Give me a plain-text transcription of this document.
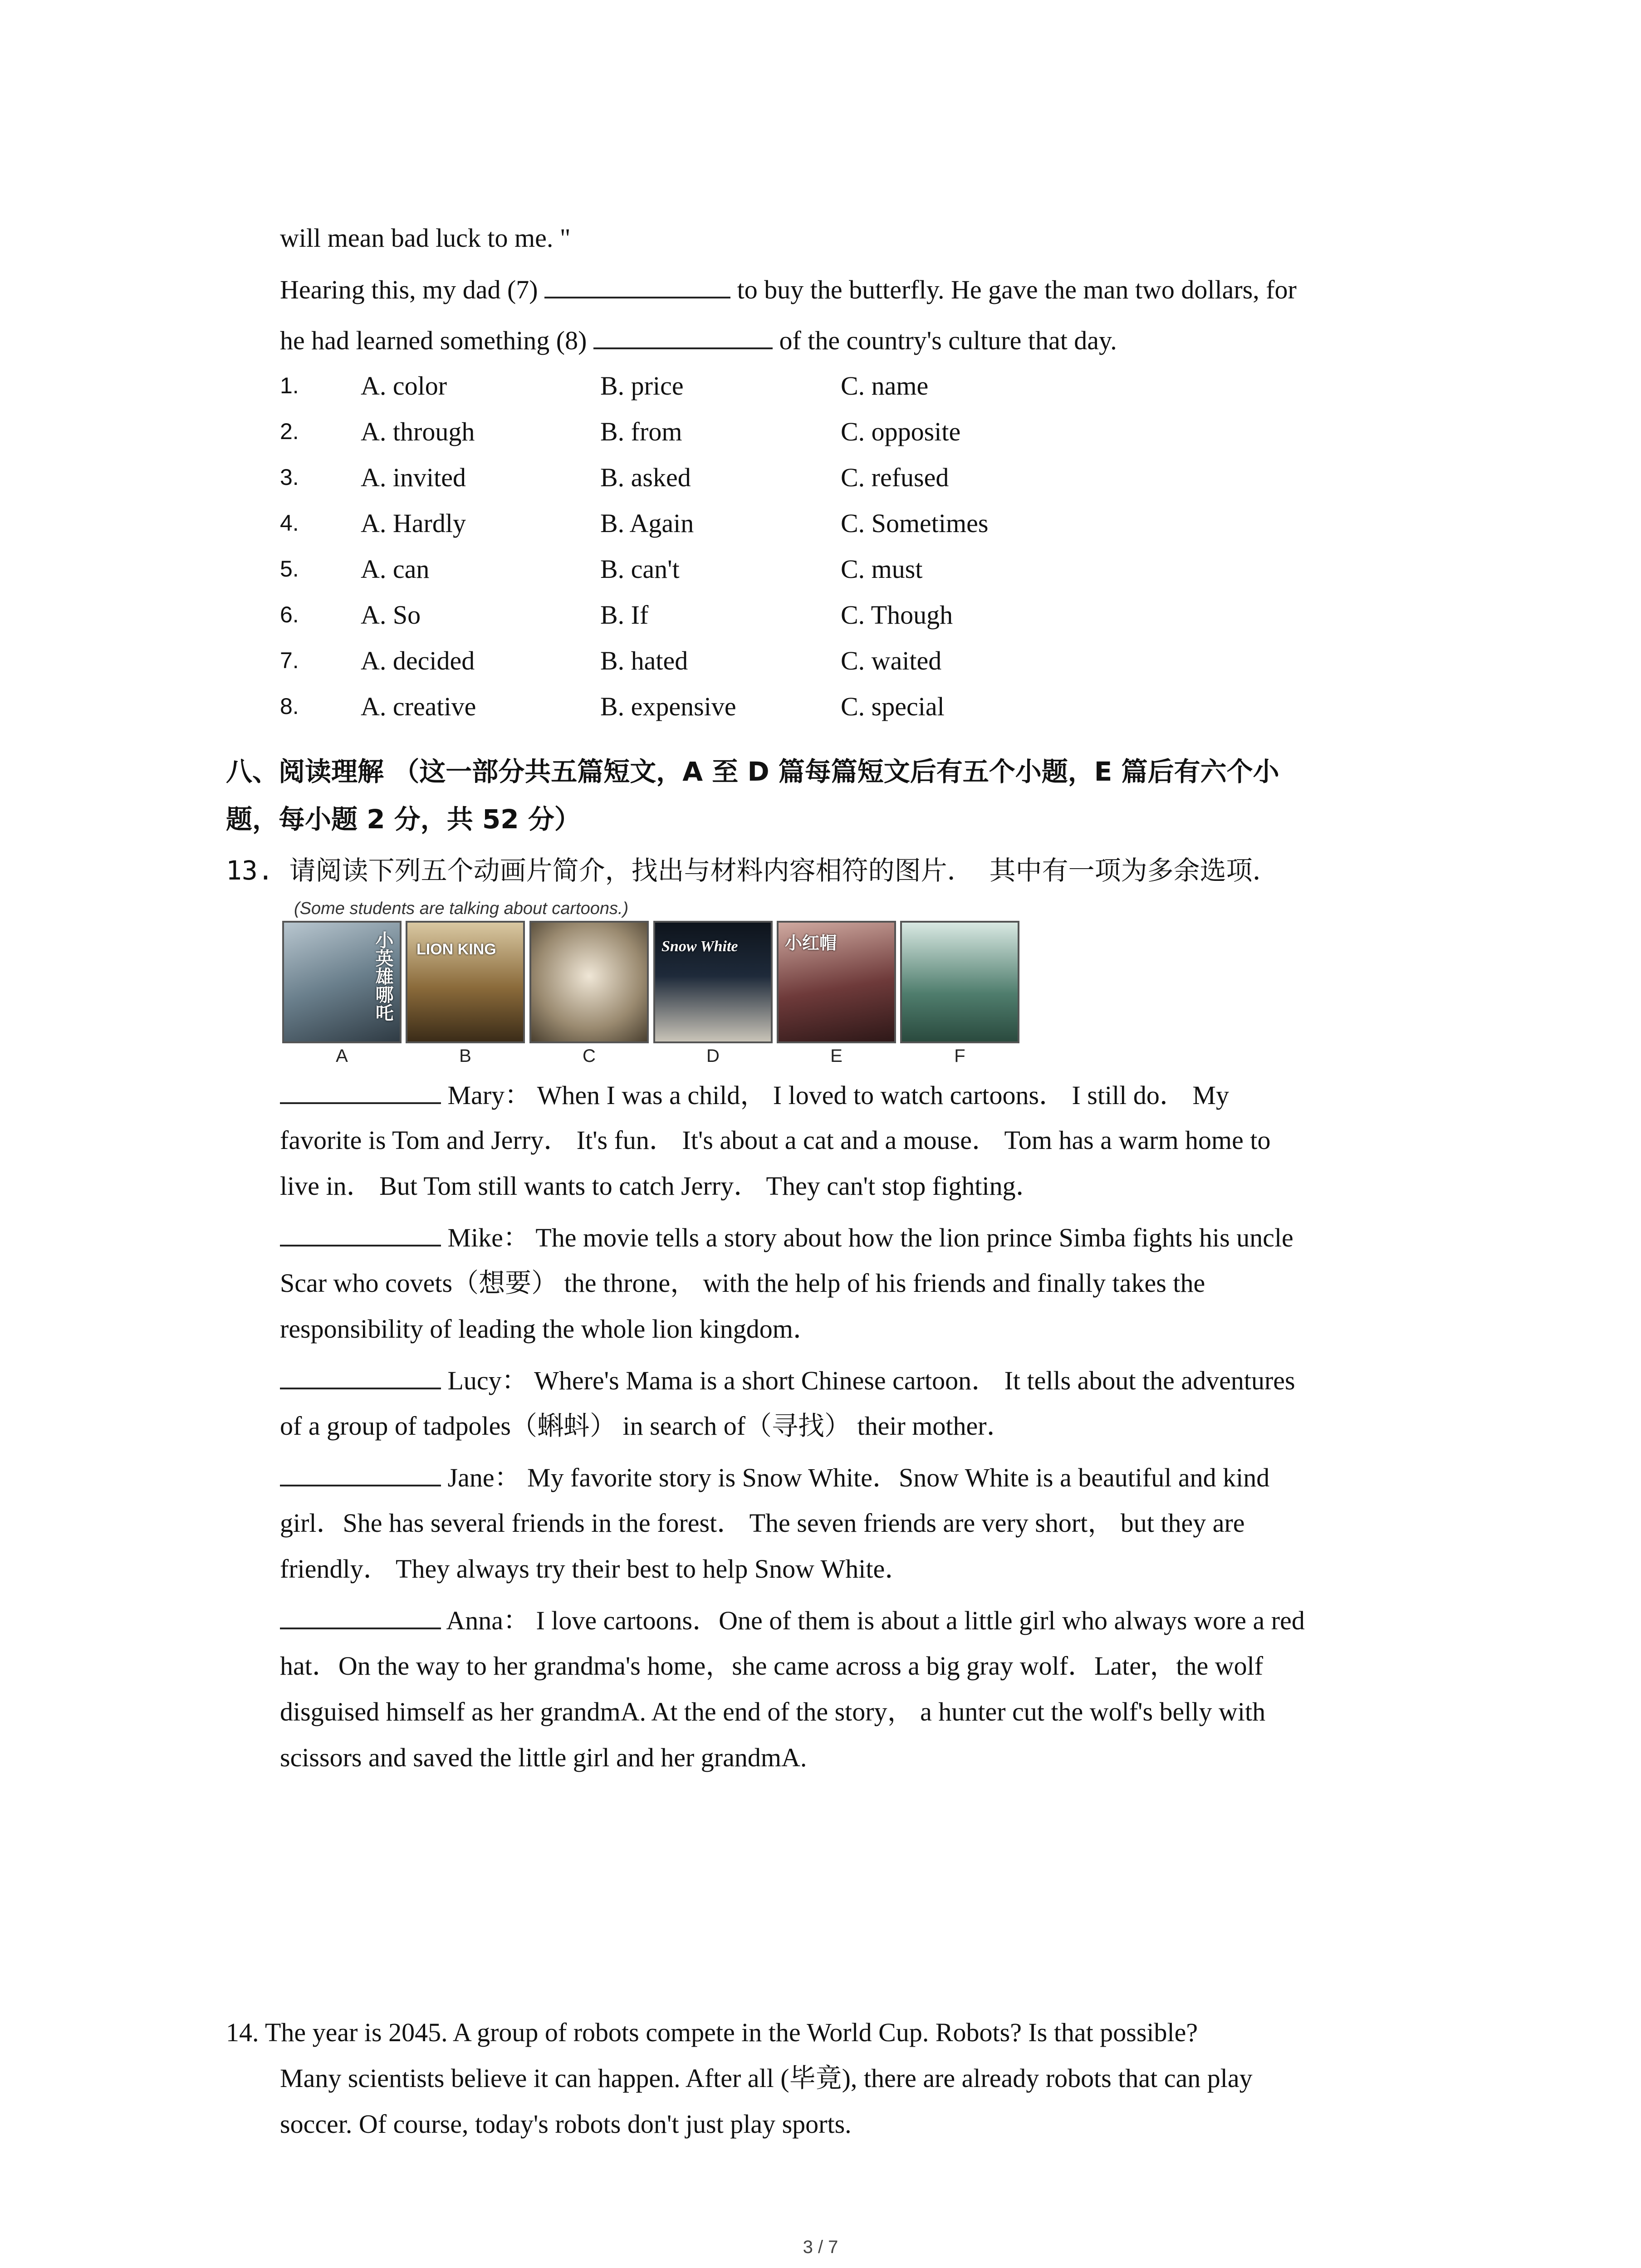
will mean bad luck to me. "
Hearing this, my dad (7)	to buy the butterfly. He gave the man two dollars, for
he had learned something (8)	of the country's culture that day.
1. A. color	B. price	C. name
2. A. through	B. from	C. opposite
3. A. invited	B. asked	C. refused
4. A. Hardly	B. Again	C. Sometimes
5. A. can	B. can't	C. must
6. A. So	B. If	C. Though
7. A. decided	B. hated	C. waited
8. A. creative	B. expensive	C. special
八、阅读理解 （这一部分共五篇短文，A 至 D 篇每篇短文后有五个小题，E 篇后有六个小
题，每小题 2 分，共 52 分）
13. 请阅读下列五个动画片简介，找出与材料内容相符的图片． 其中有一项为多余选项．
(Some students are talking about cartoons.)
小英雄哪吒 LION KING	Snow White	小红帽
A	B	C	D	E	F
Mary： When I was a child， I loved to watch cartoons． I still do． My
favorite is Tom and Jerry． It's fun． It's about a cat and a mouse． Tom has a warm home to
live in． But Tom still wants to catch Jerry． They can't stop fighting．
Mike： The movie tells a story about how the lion prince Simba fights his uncle
Scar who covets（想要） the throne， with the help of his friends and finally takes the
responsibility of leading the whole lion kingdom．
Lucy： Where's Mama is a short Chinese cartoon． It tells about the adventures
of a group of tadpoles（蝌蚪） in search of（寻找） their mother．
Jane： My favorite story is Snow White．Snow White is a beautiful and kind
girl．She has several friends in the forest． The seven friends are very short， but they are
friendly． They always try their best to help Snow White．
Anna： I love cartoons．One of them is about a little girl who always wore a red
hat．On the way to her grandma's home，she came across a big gray wolf．Later，the wolf
disguised himself as her grandmA. At the end of the story， a hunter cut the wolf's belly with
scissors and saved the little girl and her grandmA.
14. The year is 2045. A group of robots compete in the World Cup. Robots? Is that possible?
Many scientists believe it can happen. After all (毕竟), there are already robots that can play
soccer. Of course, today's robots don't just play sports.
3 / 7
